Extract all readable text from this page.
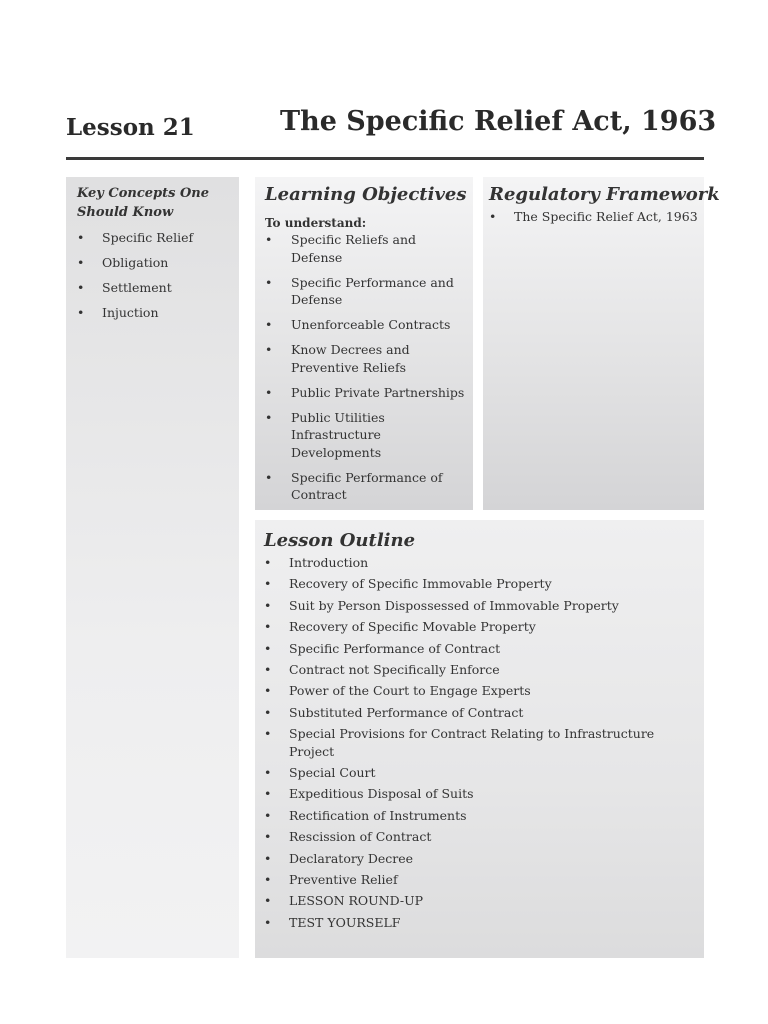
Lesson 21	The Specific Relief Act, 1963
Key Concepts One Should Know
• Specific Relief
• Obligation
• Settlement
• Injuction
Learning Objectives
To understand:
• Specific Reliefs and Defense
• Specific Performance and Defense
• Unenforceable Contracts
• Know Decrees and Preventive Reliefs
• Public Private Partnerships
• Public Utilities Infrastructure Developments
• Specific Performance of Contract
Regulatory Framework
• The Specific Relief Act, 1963
Lesson Outline
• Introduction
• Recovery of Specific Immovable Property
• Suit by Person Dispossessed of Immovable Property
• Recovery of Specific Movable Property
• Specific Performance of Contract
• Contract not Specifically Enforce
• Power of the Court to Engage Experts
• Substituted Performance of Contract
• Special Provisions for Contract Relating to Infrastructure Project
• Special Court
• Expeditious Disposal of Suits
• Rectification of Instruments
• Rescission of Contract
• Declaratory Decree
• Preventive Relief
• LESSON ROUND-UP
• TEST YOURSELF
